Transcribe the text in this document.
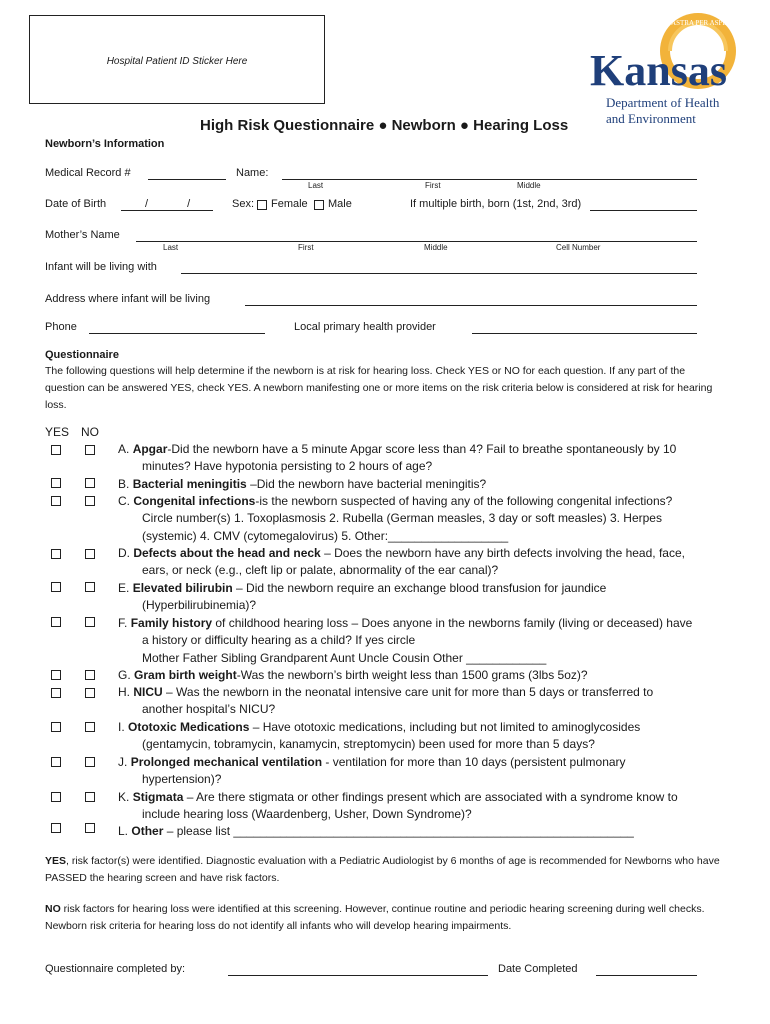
Hospital Patient ID Sticker Here
AD ASTRA PER ASPERA
Kansas
Department of Health
and Environment
High Risk Questionnaire ● Newborn ● Hearing Loss
Newborn’s Information
Medical Record #	Name:
Last	First	Middle
Date of Birth	/ / Sex: Female Male	If multiple birth, born (1st, 2nd, 3rd)
Mother’s Name
Last	First	Middle	Cell Number
Infant will be living with
Address where infant will be living
Phone	Local primary health provider
Questionnaire
The following questions will help determine if the newborn is at risk for hearing loss. Check YES or NO for each question. If any part of the question can be answered YES, check YES. A newborn manifesting one or more items on the risk criteria below is considered at risk for hearing loss.
YES NO
A. Apgar-Did the newborn have a 5 minute Apgar score less than 4? Fail to breathe spontaneously by 10
minutes? Have hypotonia persisting to 2 hours of age?
B. Bacterial meningitis –Did the newborn have bacterial meningitis?
C. Congenital infections-is the newborn suspected of having any of the following congenital infections?
Circle number(s) 1. Toxoplasmosis 2. Rubella (German measles, 3 day or soft measles) 3. Herpes
(systemic) 4. CMV (cytomegalovirus) 5. Other:__________________
D. Defects about the head and neck – Does the newborn have any birth defects involving the head, face,
ears, or neck (e.g., cleft lip or palate, abnormality of the ear canal)?
E. Elevated bilirubin – Did the newborn require an exchange blood transfusion for jaundice
(Hyperbilirubinemia)?
F. Family history of childhood hearing loss – Does anyone in the newborns family (living or deceased) have
a history or difficulty hearing as a child? If yes circle
Mother Father Sibling Grandparent Aunt Uncle Cousin Other ____________
G. Gram birth weight-Was the newborn’s birth weight less than 1500 grams (3lbs 5oz)?
H. NICU – Was the newborn in the neonatal intensive care unit for more than 5 days or transferred to
another hospital’s NICU?
I. Ototoxic Medications – Have ototoxic medications, including but not limited to aminoglycosides
(gentamycin, tobramycin, kanamycin, streptomycin) been used for more than 5 days?
J. Prolonged mechanical ventilation - ventilation for more than 10 days (persistent pulmonary
hypertension)?
K. Stigmata – Are there stigmata or other findings present which are associated with a syndrome know to
include hearing loss (Waardenberg, Usher, Down Syndrome)?
L. Other – please list ____________________________________________________________
YES, risk factor(s) were identified. Diagnostic evaluation with a Pediatric Audiologist by 6 months of age is recommended for Newborns who have PASSED the hearing screen and have risk factors.
NO risk factors for hearing loss were identified at this screening. However, continue routine and periodic hearing screening during well checks. Newborn risk criteria for hearing loss do not identify all infants who will develop hearing impairments.
Questionnaire completed by:	Date Completed
